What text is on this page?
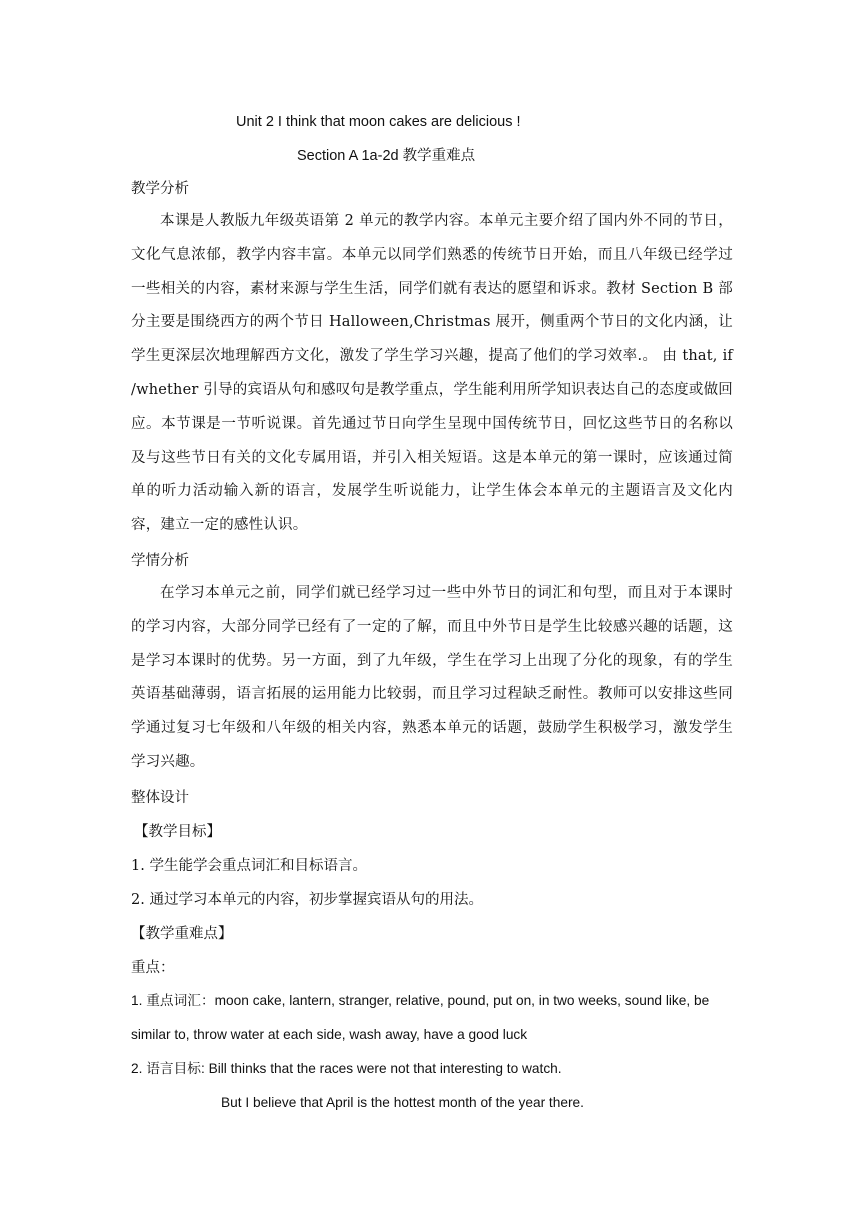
Unit 2 I think that moon cakes are delicious !
Section A 1a-2d 教学重难点
教学分析

本课是人教版九年级英语第 2 单元的教学内容。本单元主要介绍了国内外不同的节日，文化气息浓郁，教学内容丰富。本单元以同学们熟悉的传统节日开始，而且八年级已经学过一些相关的内容，素材来源与学生生活，同学们就有表达的愿望和诉求。教材 Section B 部分主要是围绕西方的两个节日 Halloween,Christmas 展开，侧重两个节日的文化内涵，让学生更深层次地理解西方文化，激发了学生学习兴趣，提高了他们的学习效率.。 由 that, if /whether 引导的宾语从句和感叹句是教学重点，学生能利用所学知识表达自己的态度或做回应。本节课是一节听说课。首先通过节日向学生呈现中国传统节日，回忆这些节日的名称以及与这些节日有关的文化专属用语，并引入相关短语。这是本单元的第一课时，应该通过简单的听力活动输入新的语言，发展学生听说能力，让学生体会本单元的主题语言及文化内容，建立一定的感性认识。

学情分析

在学习本单元之前，同学们就已经学习过一些中外节日的词汇和句型，而且对于本课时的学习内容，大部分同学已经有了一定的了解，而且中外节日是学生比较感兴趣的话题，这是学习本课时的优势。另一方面，到了九年级，学生在学习上出现了分化的现象，有的学生英语基础薄弱，语言拓展的运用能力比较弱，而且学习过程缺乏耐性。教师可以安排这些同学通过复习七年级和八年级的相关内容，熟悉本单元的话题，鼓励学生积极学习，激发学生学习兴趣。

整体设计
【教学目标】
1. 学生能学会重点词汇和目标语言。
2. 通过学习本单元的内容，初步掌握宾语从句的用法。
【教学重难点】
重点：
1. 重点词汇：moon cake, lantern, stranger, relative, pound, put on, in two weeks, sound like, be
similar to, throw water at each side, wash away, have a good luck
2. 语言目标: Bill thinks that the races were not that interesting to watch.
But I believe that April is the hottest month of the year there.
